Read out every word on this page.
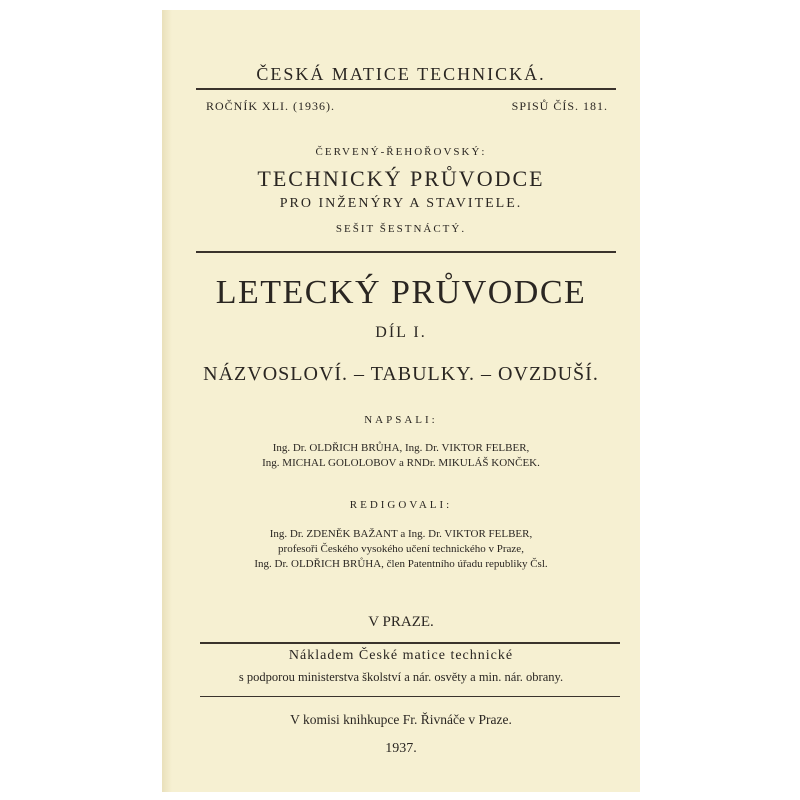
ČESKÁ MATICE TECHNICKÁ.
ROČNÍK XLI. (1936).	SPISŮ ČÍS. 181.
ČERVENÝ-ŘEHOŘOVSKÝ:
TECHNICKÝ PRŮVODCE
PRO INŽENÝRY A STAVITELE.
SEŠIT ŠESTNÁCTÝ.
LETECKÝ PRŮVODCE
DÍL I.
NÁZVOSLOVÍ. – TABULKY. – OVZDUŠÍ.
NAPSALI:
Ing. Dr. OLDŘICH BRŮHA, Ing. Dr. VIKTOR FELBER,
Ing. MICHAL GOLOLOBOV a RNDr. MIKULÁŠ KONČEK.
REDIGOVALI:
Ing. Dr. ZDENĚK BAŽANT a Ing. Dr. VIKTOR FELBER,
profesoři Českého vysokého učení technického v Praze,
Ing. Dr. OLDŘICH BRŮHA, člen Patentního úřadu republiky Čsl.
V PRAZE.
Nákladem České matice technické
s podporou ministerstva školství a nár. osvěty a min. nár. obrany.
V komisi knihkupce Fr. Řivnáče v Praze.
1937.
